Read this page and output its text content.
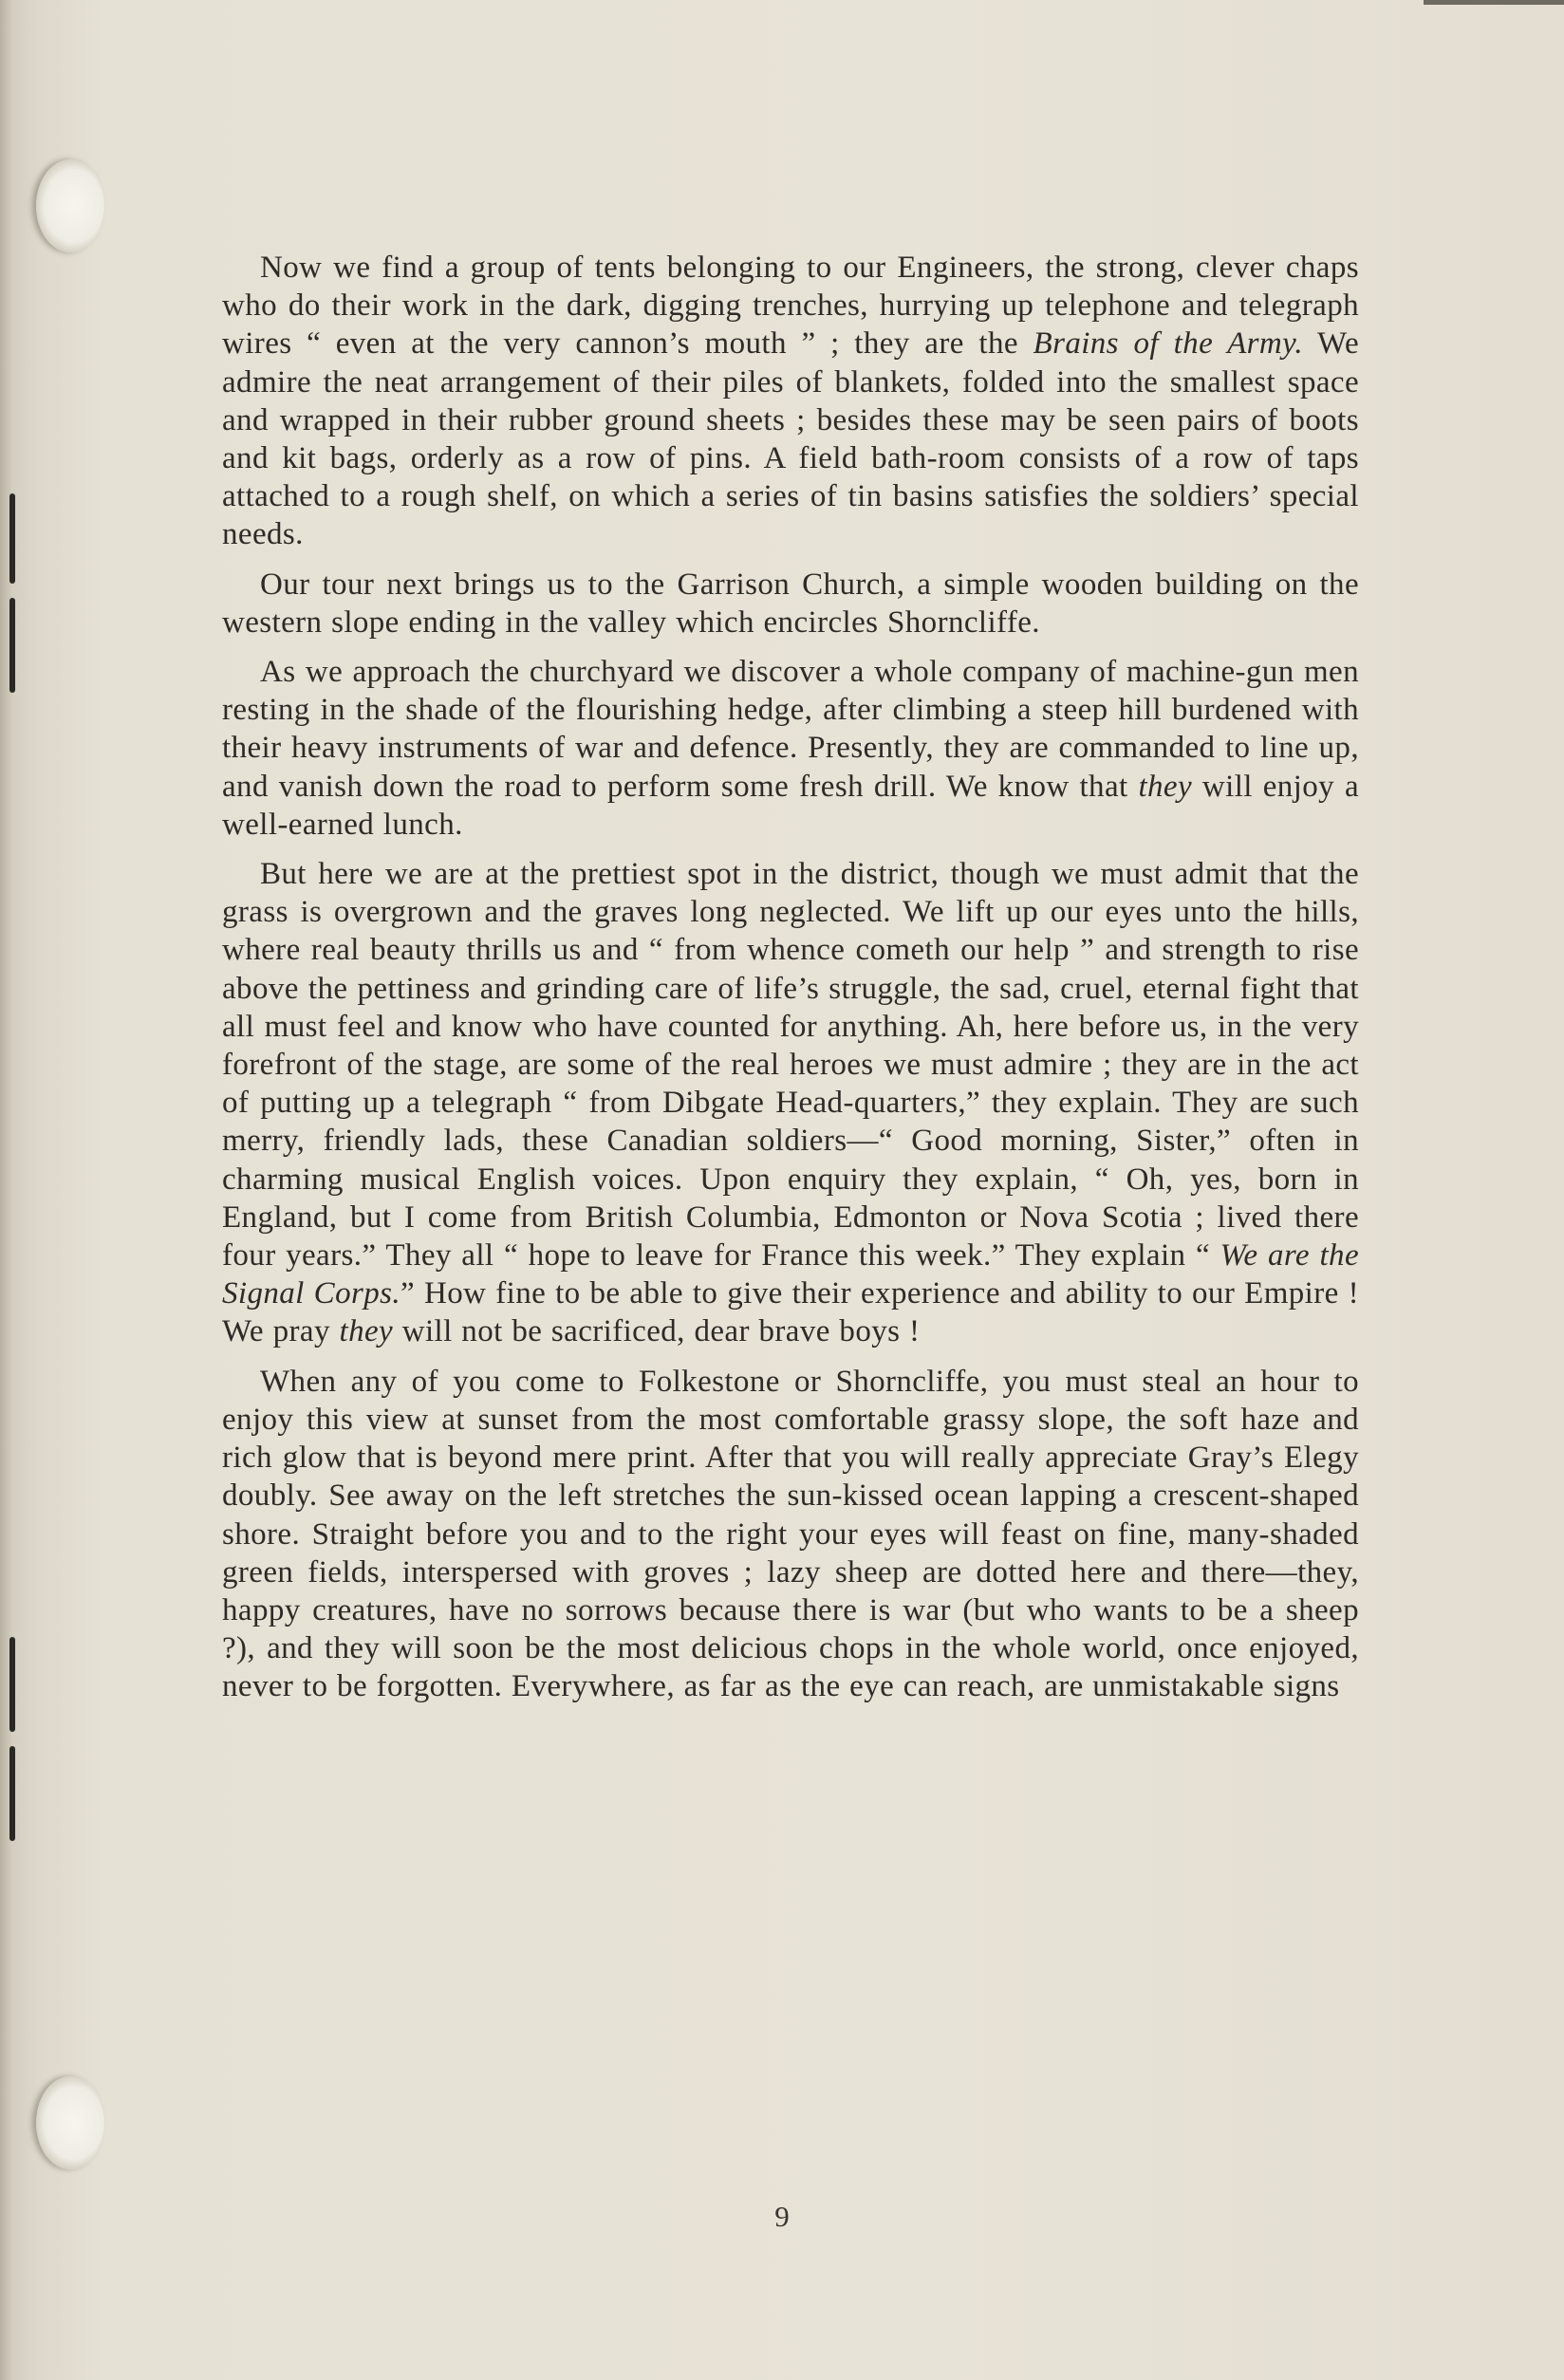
Now we find a group of tents belonging to our Engineers, the strong, clever chaps who do their work in the dark, digging trenches, hurrying up telephone and telegraph wires “ even at the very cannon’s mouth ” ; they are the Brains of the Army. We admire the neat arrangement of their piles of blankets, folded into the smallest space and wrapped in their rubber ground sheets ; besides these may be seen pairs of boots and kit bags, orderly as a row of pins. A field bath-room consists of a row of taps attached to a rough shelf, on which a series of tin basins satisfies the soldiers’ special needs.

Our tour next brings us to the Garrison Church, a simple wooden building on the western slope ending in the valley which encircles Shorncliffe.

As we approach the churchyard we discover a whole company of machine-gun men resting in the shade of the flourishing hedge, after climbing a steep hill burdened with their heavy instruments of war and defence. Presently, they are commanded to line up, and vanish down the road to perform some fresh drill. We know that they will enjoy a well-earned lunch.

But here we are at the prettiest spot in the district, though we must admit that the grass is overgrown and the graves long neglected. We lift up our eyes unto the hills, where real beauty thrills us and “ from whence cometh our help ” and strength to rise above the pettiness and grinding care of life’s struggle, the sad, cruel, eternal fight that all must feel and know who have counted for anything. Ah, here before us, in the very forefront of the stage, are some of the real heroes we must admire ; they are in the act of putting up a telegraph “ from Dibgate Head-quarters,” they explain. They are such merry, friendly lads, these Canadian soldiers—“ Good morning, Sister,” often in charming musical English voices. Upon enquiry they explain, “ Oh, yes, born in England, but I come from British Columbia, Edmonton or Nova Scotia ; lived there four years.” They all “ hope to leave for France this week.” They explain “ We are the Signal Corps.” How fine to be able to give their experience and ability to our Empire ! We pray they will not be sacrificed, dear brave boys !

When any of you come to Folkestone or Shorncliffe, you must steal an hour to enjoy this view at sunset from the most comfortable grassy slope, the soft haze and rich glow that is beyond mere print. After that you will really appreciate Gray’s Elegy doubly. See away on the left stretches the sun-kissed ocean lapping a crescent-shaped shore. Straight before you and to the right your eyes will feast on fine, many-shaded green fields, interspersed with groves ; lazy sheep are dotted here and there—they, happy creatures, have no sorrows because there is war (but who wants to be a sheep ?), and they will soon be the most delicious chops in the whole world, once enjoyed, never to be forgotten. Everywhere, as far as the eye can reach, are unmistakable signs

9
